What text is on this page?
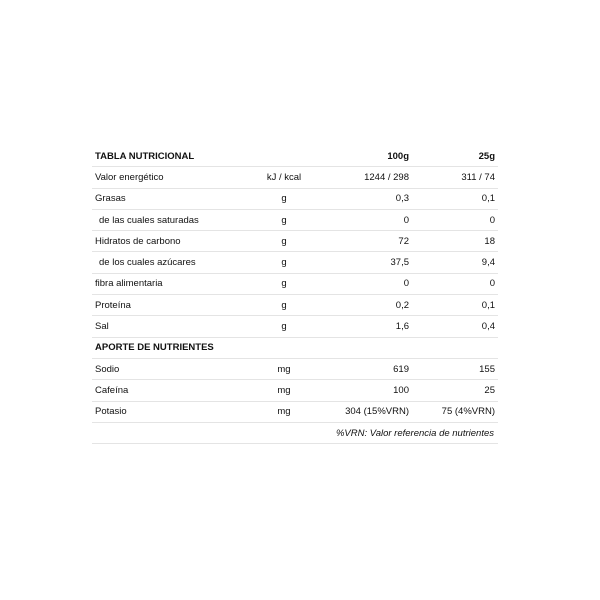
TABLA NUTRICIONAL		100g	25g
Valor energético	kJ / kcal	1244 / 298	311 / 74
Grasas	g	0,3	0,1
de las cuales saturadas	g	0	0
Hidratos de carbono	g	72	18
de los cuales azúcares	g	37,5	9,4
fibra alimentaria	g	0	0
Proteína	g	0,2	0,1
Sal	g	1,6	0,4
APORTE DE NUTRIENTES			
Sodio	mg	619	155
Cafeína	mg	100	25
Potasio	mg	304 (15%VRN)	75 (4%VRN)
%VRN: Valor referencia de nutrientes			
